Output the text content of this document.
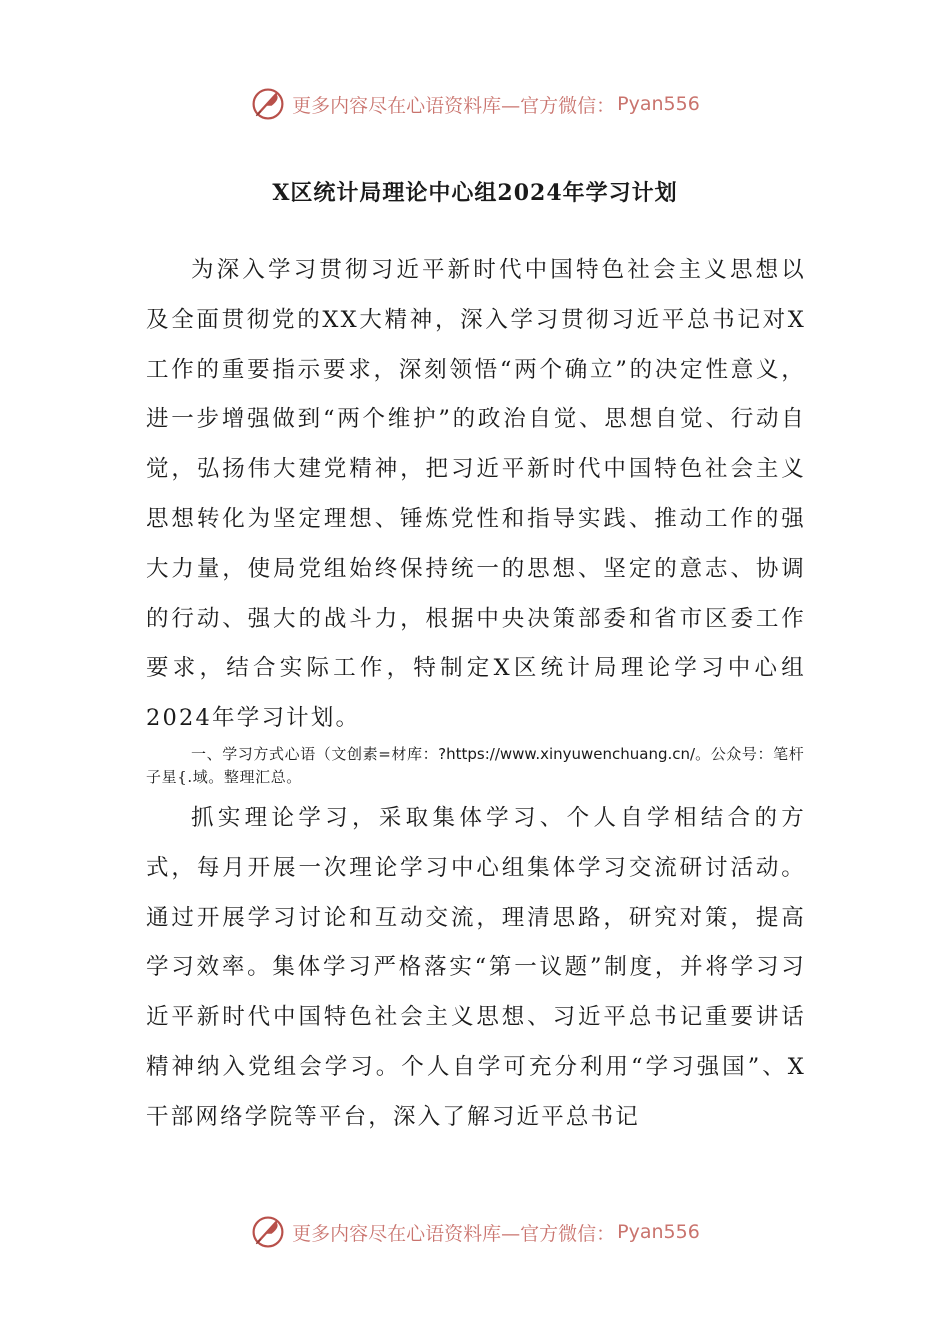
更多内容尽在心语资料库—官方微信： Pyan556
X区统计局理论中心组2024年学习计划

为深入学习贯彻习近平新时代中国特色社会主义思想以及全面贯彻党的XX大精神，深入学习贯彻习近平总书记对X工作的重要指示要求，深刻领悟“两个确立”的决定性意义，进一步增强做到“两个维护”的政治自觉、思想自觉、行动自觉，弘扬伟大建党精神，把习近平新时代中国特色社会主义思想转化为坚定理想、锤炼党性和指导实践、推动工作的强大力量，使局党组始终保持统一的思想、坚定的意志、协调的行动、强大的战斗力，根据中央决策部委和省市区委工作要求，结合实际工作，特制定X区统计局理论学习中心组2024年学习计划。

一、学习方式心语（文创素=材库：?https://www.xinyuwenchuang.cn/。公众号：笔杆子星{.域。整理汇总。

抓实理论学习，采取集体学习、个人自学相结合的方式，每月开展一次理论学习中心组集体学习交流研讨活动。通过开展学习讨论和互动交流，理清思路，研究对策，提高学习效率。集体学习严格落实“第一议题”制度，并将学习习近平新时代中国特色社会主义思想、习近平总书记重要讲话精神纳入党组会学习。个人自学可充分利用“学习强国”、X干部网络学院等平台，深入了解习近平总书记

更多内容尽在心语资料库—官方微信： Pyan556
